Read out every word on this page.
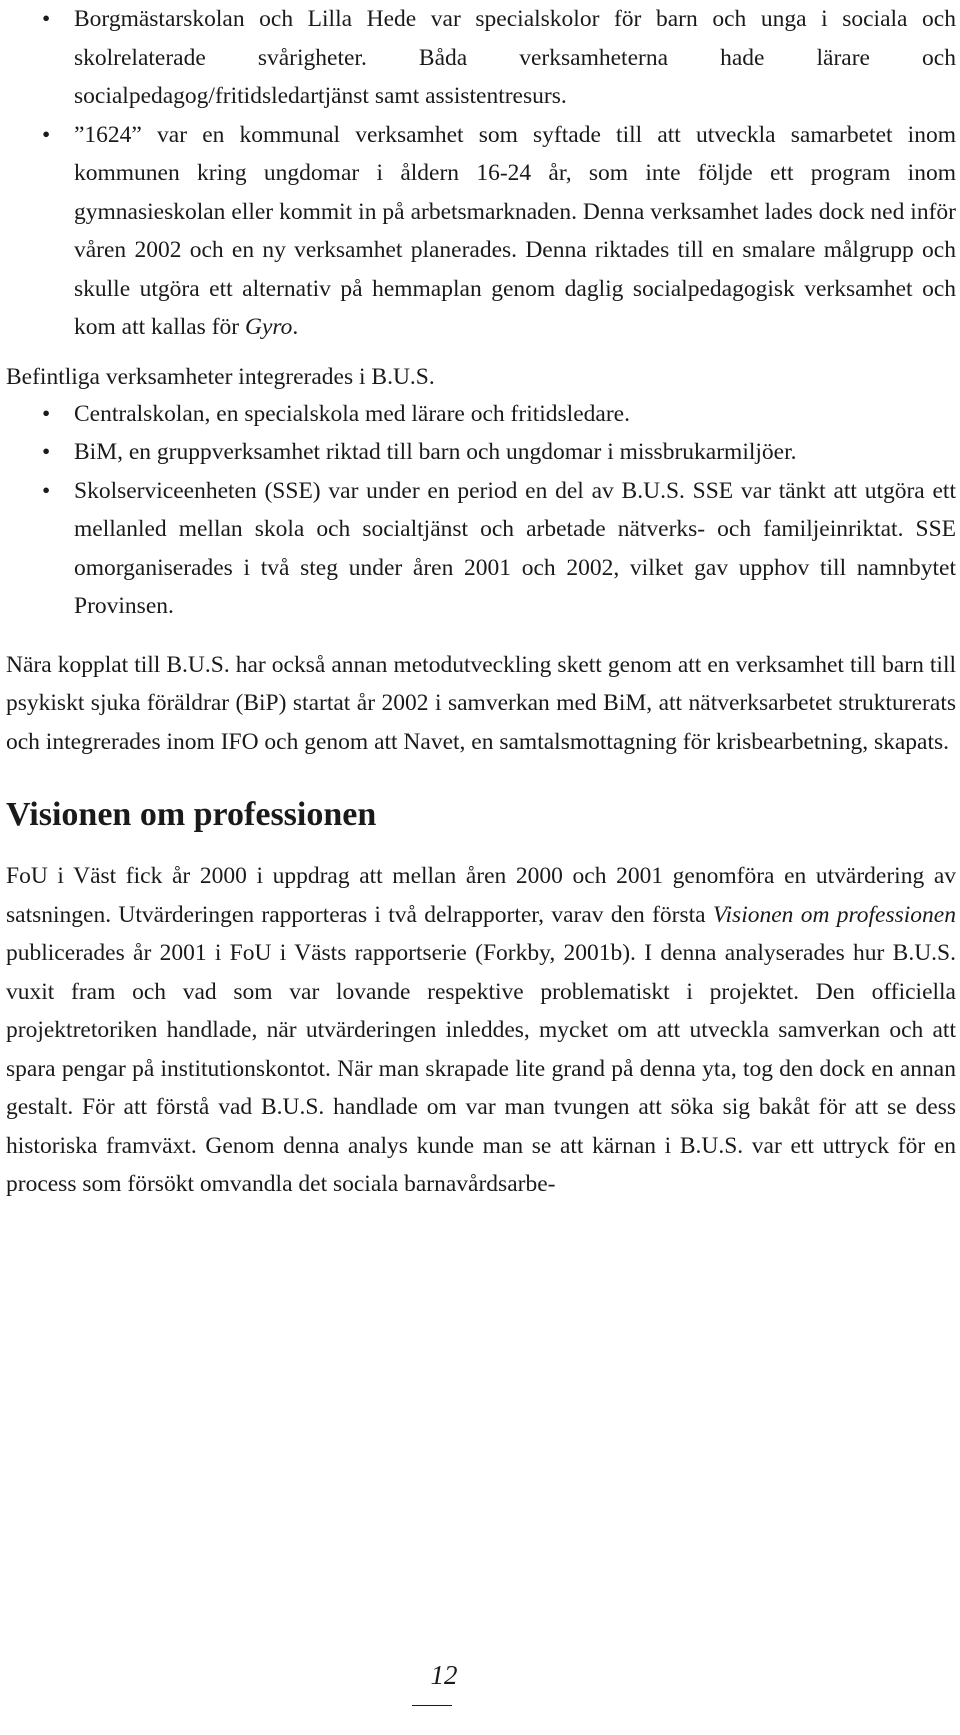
• Borgmästarskolan och Lilla Hede var specialskolor för barn och unga i sociala och skolrelaterade svårigheter. Båda verksamheterna hade lärare och socialpedagog/fritidsledartjänst samt assistentresurs.
• ”1624” var en kommunal verksamhet som syftade till att utveckla samarbetet inom kommunen kring ungdomar i åldern 16-24 år, som inte följde ett program inom gymnasieskolan eller kommit in på arbetsmarknaden. Denna verksamhet lades dock ned inför våren 2002 och en ny verksamhet planerades. Denna riktades till en smalare målgrupp och skulle utgöra ett alternativ på hemmaplan genom daglig socialpedagogisk verksamhet och kom att kallas för Gyro.

Befintliga verksamheter integrerades i B.U.S.

• Centralskolan, en specialskola med lärare och fritidsledare.
• BiM, en gruppverksamhet riktad till barn och ungdomar i missbrukarmiljöer.
• Skolserviceenheten (SSE) var under en period en del av B.U.S. SSE var tänkt att utgöra ett mellanled mellan skola och socialtjänst och arbetade nätverks- och familjeinriktat. SSE omorganiserades i två steg under åren 2001 och 2002, vilket gav upphov till namnbytet Provinsen.

Nära kopplat till B.U.S. har också annan metodutveckling skett genom att en verksamhet till barn till psykiskt sjuka föräldrar (BiP) startat år 2002 i samverkan med BiM, att nätverksarbetet strukturerats och integrerades inom IFO och genom att Navet, en samtalsmottagning för krisbearbetning, skapats.

Visionen om professionen

FoU i Väst fick år 2000 i uppdrag att mellan åren 2000 och 2001 genomföra en utvärdering av satsningen. Utvärderingen rapporteras i två delrapporter, varav den första Visionen om professionen publicerades år 2001 i FoU i Västs rapportserie (Forkby, 2001b). I denna analyserades hur B.U.S. vuxit fram och vad som var lovande respektive problematiskt i projektet. Den officiella projektretoriken handlade, när utvärderingen inleddes, mycket om att utveckla samverkan och att spara pengar på institutionskontot. När man skrapade lite grand på denna yta, tog den dock en annan gestalt. För att förstå vad B.U.S. handlade om var man tvungen att söka sig bakåt för att se dess historiska framväxt. Genom denna analys kunde man se att kärnan i B.U.S. var ett uttryck för en process som försökt omvandla det sociala barnavårdsarbe-

12
